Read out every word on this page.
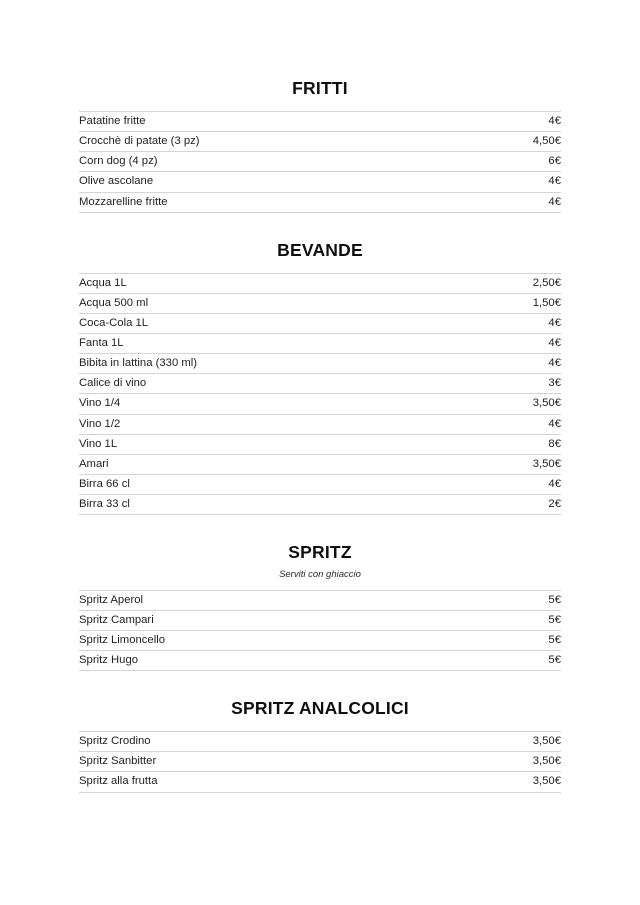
FRITTI
Patatine fritte	4€
Crocchè di patate (3 pz)	4,50€
Corn dog (4 pz)	6€
Olive ascolane	4€
Mozzarelline fritte	4€
BEVANDE
Acqua 1L	2,50€
Acqua 500 ml	1,50€
Coca-Cola 1L	4€
Fanta 1L	4€
Bibita in lattina (330 ml)	4€
Calice di vino	3€
Vino 1/4	3,50€
Vino 1/2	4€
Vino 1L	8€
Amari	3,50€
Birra 66 cl	4€
Birra 33 cl	2€
SPRITZ
Serviti con ghiaccio
Spritz Aperol	5€
Spritz Campari	5€
Spritz Limoncello	5€
Spritz Hugo	5€
SPRITZ ANALCOLICI
Spritz Crodino	3,50€
Spritz Sanbitter	3,50€
Spritz alla frutta	3,50€
